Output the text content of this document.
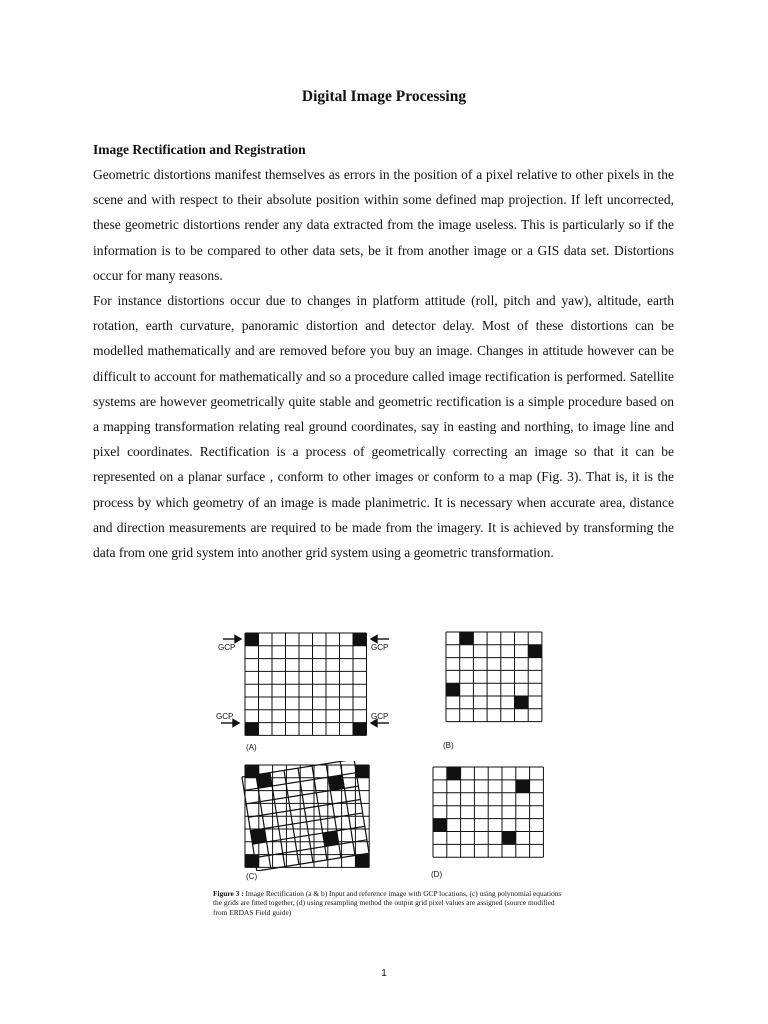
Digital Image Processing
Image Rectification and Registration

Geometric distortions manifest themselves as errors in the position of a pixel relative to other pixels in the scene and with respect to their absolute position within some defined map projection. If left uncorrected, these geometric distortions render any data extracted from the image useless. This is particularly so if the information is to be compared to other data sets, be it from another image or a GIS data set. Distortions occur for many reasons.

For instance distortions occur due to changes in platform attitude (roll, pitch and yaw), altitude, earth rotation, earth curvature, panoramic distortion and detector delay. Most of these distortions can be modelled mathematically and are removed before you buy an image. Changes in attitude however can be difficult to account for mathematically and so a procedure called image rectification is performed. Satellite systems are however geometrically quite stable and geometric rectification is a simple procedure based on a mapping transformation relating real ground coordinates, say in easting and northing, to image line and pixel coordinates. Rectification is a process of geometrically correcting an image so that it can be represented on a planar surface , conform to other images or conform to a map (Fig. 3). That is, it is the process by which geometry of an image is made planimetric. It is necessary when accurate area, distance and direction measurements are required to be made from the imagery. It is achieved by transforming the data from one grid system into another grid system using a geometric transformation.

GCP	GCP
GCP	GCP
(A)	(B)
(C)	(D)
Figure 3 : Image Rectification (a & b) Input and reference image with GCP locations, (c) using polynomial equations the grids are fitted together, (d) using resampling method the output grid pixel values are assigned (source modified from ERDAS Field guide)
1
